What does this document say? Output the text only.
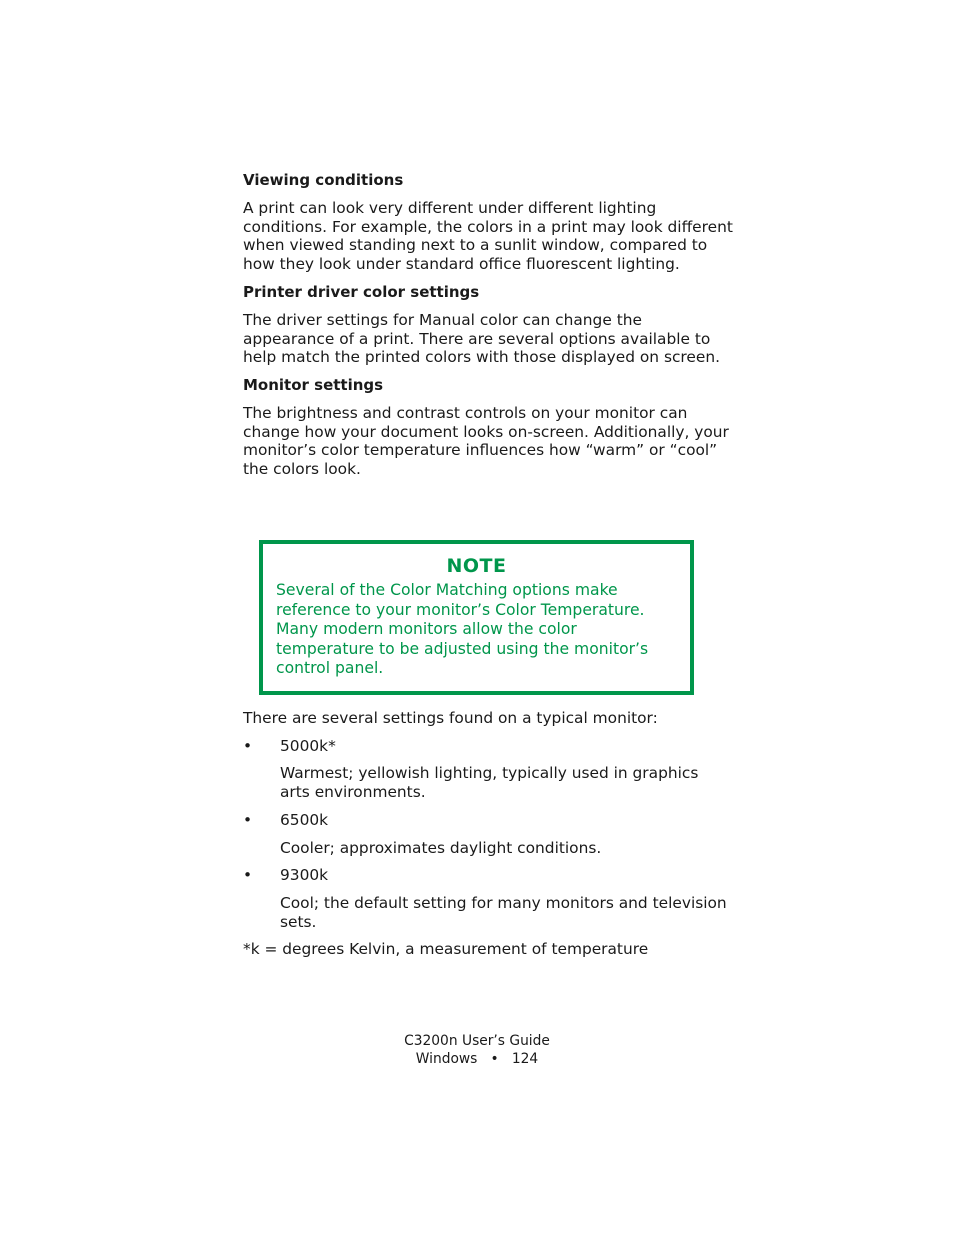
Viewing conditions
A print can look very different under different lighting conditions. For example, the colors in a print may look different when viewed standing next to a sunlit window, compared to how they look under standard office fluorescent lighting.
Printer driver color settings
The driver settings for Manual color can change the appearance of a print. There are several options available to help match the printed colors with those displayed on screen.
Monitor settings
The brightness and contrast controls on your monitor can change how your document looks on-screen. Additionally, your monitor’s color temperature influences how “warm” or “cool” the colors look.
NOTE
Several of the Color Matching options make reference to your monitor’s Color Temperature. Many modern monitors allow the color temperature to be adjusted using the monitor’s control panel.
There are several settings found on a typical monitor:
• 5000k*
Warmest; yellowish lighting, typically used in graphics arts environments.
• 6500k
Cooler; approximates daylight conditions.
• 9300k
Cool; the default setting for many monitors and television sets.
*k = degrees Kelvin, a measurement of temperature
C3200n User’s Guide
Windows • 124
